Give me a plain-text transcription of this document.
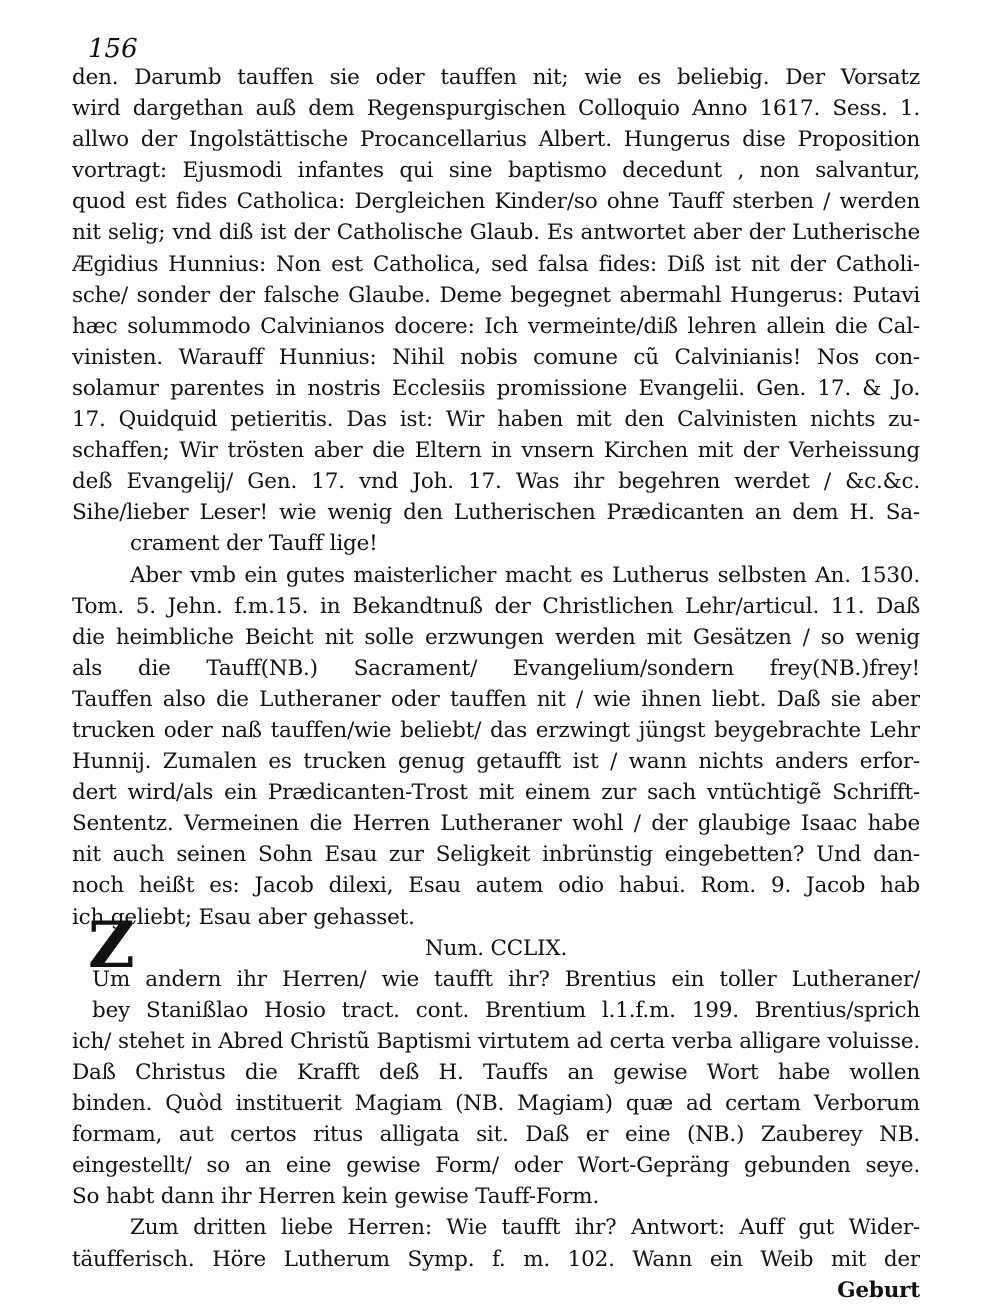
156
den. Darumb tauffen sie oder tauffen nit; wie es beliebig. Der Vorsatz
wird dargethan auß dem Regenspurgischen Colloquio Anno 1617. Sess. 1.
allwo der Ingolstättische Procancellarius Albert. Hungerus dise Proposition
vortragt: Ejusmodi infantes qui sine baptismo decedunt , non salvantur,
quod est fides Catholica: Dergleichen Kinder/so ohne Tauff sterben / werden
nit selig; vnd diß ist der Catholische Glaub. Es antwortet aber der Lutherische
Ægidius Hunnius: Non est Catholica, sed falsa fides: Diß ist nit der Catholi-
sche/ sonder der falsche Glaube. Deme begegnet abermahl Hungerus: Putavi
hæc solummodo Calvinianos docere: Ich vermeinte/diß lehren allein die Cal-
vinisten. Warauff Hunnius: Nihil nobis comune cũ Calvinianis! Nos con-
solamur parentes in nostris Ecclesiis promissione Evangelii. Gen. 17. & Jo.
17. Quidquid petieritis. Das ist: Wir haben mit den Calvinisten nichts zu-
schaffen; Wir trösten aber die Eltern in vnsern Kirchen mit der Verheissung
deß Evangelij/ Gen. 17. vnd Joh. 17. Was ihr begehren werdet / &c.&c.
Sihe/lieber Leser! wie wenig den Lutherischen Prædicanten an dem H. Sa-
crament der Tauff lige!
Aber vmb ein gutes maisterlicher macht es Lutherus selbsten An. 1530.
Tom. 5. Jehn. f.m.15. in Bekandtnuß der Christlichen Lehr/articul. 11. Daß
die heimbliche Beicht nit solle erzwungen werden mit Gesätzen / so wenig
als die Tauff(NB.) Sacrament/ Evangelium/sondern frey(NB.)frey!
Tauffen also die Lutheraner oder tauffen nit / wie ihnen liebt. Daß sie aber
trucken oder naß tauffen/wie beliebt/ das erzwingt jüngst beygebrachte Lehr
Hunnij. Zumalen es trucken genug getaufft ist / wann nichts anders erfor-
dert wird/als ein Prædicanten-Trost mit einem zur sach vntüchtigẽ Schrifft-
Sententz. Vermeinen die Herren Lutheraner wohl / der glaubige Isaac habe
nit auch seinen Sohn Esau zur Seligkeit inbrünstig eingebetten? Und dan-
noch heißt es: Jacob dilexi, Esau autem odio habui. Rom. 9. Jacob hab
ich geliebt; Esau aber gehasset.
Num. CCLIX.
Um andern ihr Herren/ wie taufft ihr? Brentius ein toller Lutheraner/
bey Stanißlao Hosio tract. cont. Brentium l.1.f.m. 199. Brentius/sprich
ich/ stehet in Abred Christũ Baptismi virtutem ad certa verba alligare voluisse.
Daß Christus die Krafft deß H. Tauffs an gewise Wort habe wollen
binden. Quòd instituerit Magiam (NB. Magiam) quæ ad certam Verborum
formam, aut certos ritus alligata sit. Daß er eine (NB.) Zauberey NB.
eingestellt/ so an eine gewise Form/ oder Wort-Gepräng gebunden seye.
So habt dann ihr Herren kein gewise Tauff-Form.
Zum dritten liebe Herren: Wie taufft ihr? Antwort: Auff gut Wider-
täufferisch. Höre Lutherum Symp. f. m. 102. Wann ein Weib mit der
Geburt
Z
